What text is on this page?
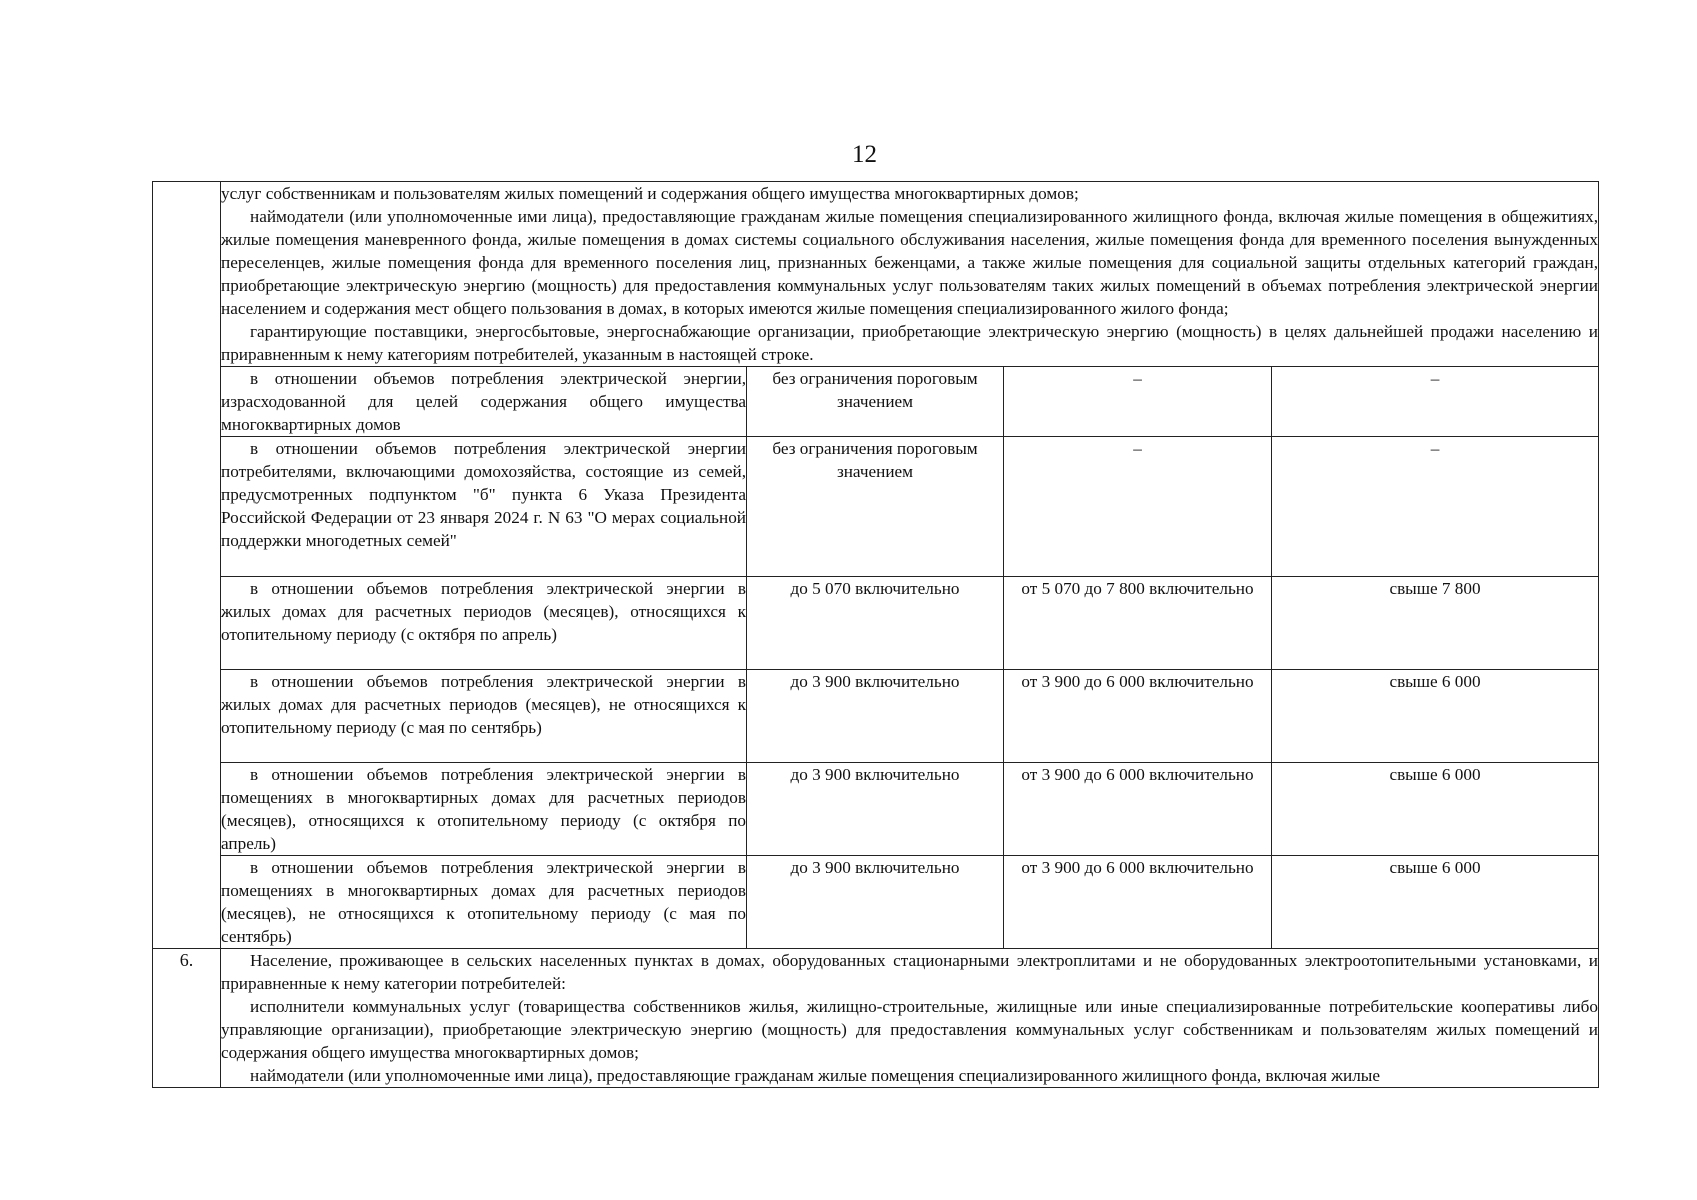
12

	услуг собственникам и пользователям жилых помещений и содержания общего имущества многоквартирных домов;

наймодатели (или уполномоченные ими лица), предоставляющие гражданам жилые помещения специализированного жилищного фонда, включая жилые помещения в общежитиях, жилые помещения маневренного фонда, жилые помещения в домах системы социального обслуживания населения, жилые помещения фонда для временного поселения вынужденных переселенцев, жилые помещения фонда для временного поселения лиц, признанных беженцами, а также жилые помещения для социальной защиты отдельных категорий граждан, приобретающие электрическую энергию (мощность) для предоставления коммунальных услуг пользователям таких жилых помещений в объемах потребления электрической энергии населением и содержания мест общего пользования в домах, в которых имеются жилые помещения специализированного жилого фонда;

гарантирующие поставщики, энергосбытовые, энергоснабжающие организации, приобретающие электрическую энергию (мощность) в целях дальнейшей продажи населению и приравненным к нему категориям потребителей, указанным в настоящей строке.			

	в отношении объемов потребления электрической энергии, израсходованной для целей содержания общего имущества многоквартирных домов	без ограничения пороговым значением	–	–

	в отношении объемов потребления электрической энергии потребителями, включающими домохозяйства, состоящие из семей, предусмотренных подпунктом "б" пункта 6 Указа Президента Российской Федерации от 23 января 2024 г. N 63 "О мерах социальной поддержки многодетных семей"	без ограничения пороговым значением	–	–

	в отношении объемов потребления электрической энергии в жилых домах для расчетных периодов (месяцев), относящихся к отопительному периоду (с октября по апрель)	до 5 070 включительно	от 5 070 до 7 800 включительно	свыше 7 800

	в отношении объемов потребления электрической энергии в жилых домах для расчетных периодов (месяцев), не относящихся к отопительному периоду (с мая по сентябрь)	до 3 900 включительно	от 3 900 до 6 000 включительно	свыше 6 000

	в отношении объемов потребления электрической энергии в помещениях в многоквартирных домах для расчетных периодов (месяцев), относящихся к отопительному периоду (с октября по апрель)	до 3 900 включительно	от 3 900 до 6 000 включительно	свыше 6 000

	в отношении объемов потребления электрической энергии в помещениях в многоквартирных домах для расчетных периодов (месяцев), не относящихся к отопительному периоду (с мая по сентябрь)	до 3 900 включительно	от 3 900 до 6 000 включительно	свыше 6 000
6.	Население, проживающее в сельских населенных пунктах в домах, оборудованных стационарными электроплитами и не оборудованных электроотопительными установками, и приравненные к нему категории потребителей:

исполнители коммунальных услуг (товарищества собственников жилья, жилищно-строительные, жилищные или иные специализированные потребительские кооперативы либо управляющие организации), приобретающие электрическую энергию (мощность) для предоставления коммунальных услуг собственникам и пользователям жилых помещений и содержания общего имущества многоквартирных домов;

наймодатели (или уполномоченные ими лица), предоставляющие гражданам жилые помещения специализированного жилищного фонда, включая жилые			
